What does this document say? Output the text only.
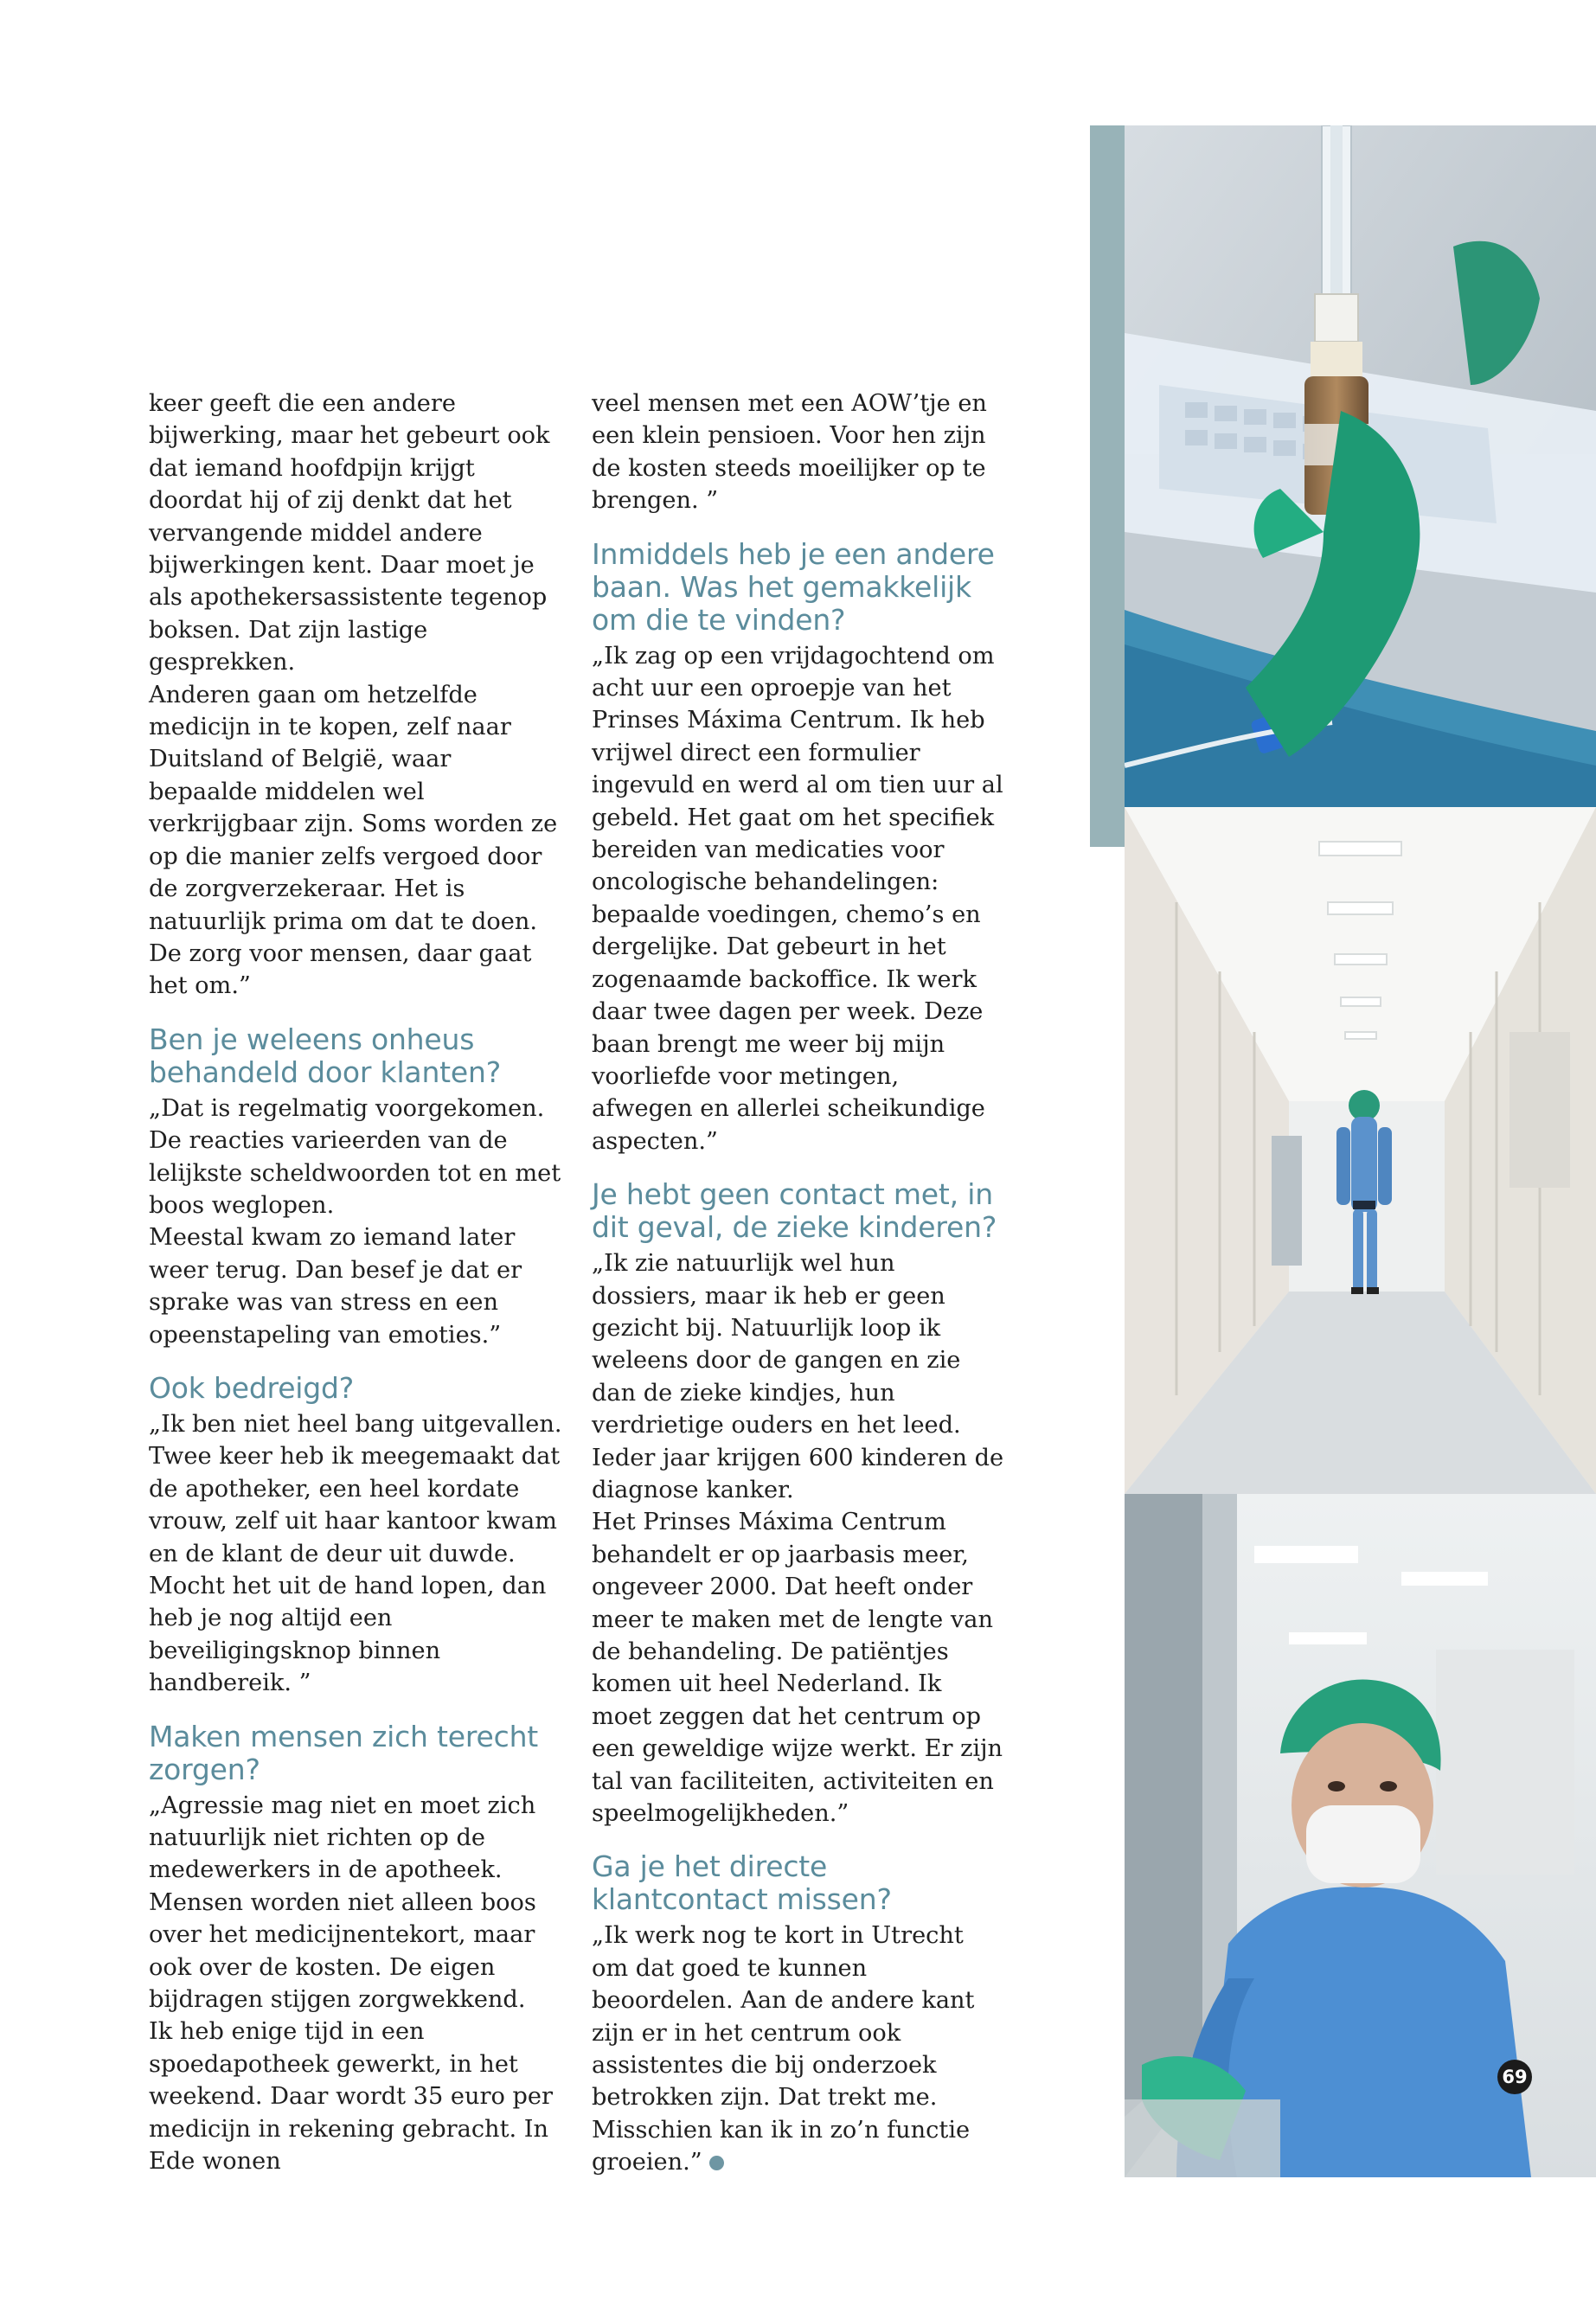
keer geeft die een andere bijwerking, maar het gebeurt ook dat iemand hoofdpijn krijgt doordat hij of zij denkt dat het vervangende middel andere bijwerkingen kent. Daar moet je als apothekersassistente tegenop boksen. Dat zijn lastige gesprekken.

Anderen gaan om hetzelfde medicijn in te kopen, zelf naar Duitsland of België, waar bepaalde middelen wel verkrijgbaar zijn. Soms worden ze op die manier zelfs vergoed door de zorgverzekeraar. Het is natuurlijk prima om dat te doen. De zorg voor mensen, daar gaat het om.”

Ben je weleens onheus behandeld door klanten?

„Dat is regelmatig voorgekomen. De reacties varieerden van de lelijkste scheldwoorden tot en met boos weglopen.

Meestal kwam zo iemand later weer terug. Dan besef je dat er sprake was van stress en een opeenstapeling van emoties.”

Ook bedreigd?

„Ik ben niet heel bang uitgevallen. Twee keer heb ik meegemaakt dat de apotheker, een heel kordate vrouw, zelf uit haar kantoor kwam en de klant de deur uit duwde. Mocht het uit de hand lopen, dan heb je nog altijd een beveiligingsknop binnen handbereik. ”

Maken mensen zich terecht zorgen?

„Agressie mag niet en moet zich natuurlijk niet richten op de medewerkers in de apotheek. Mensen worden niet alleen boos over het medicijnentekort, maar ook over de kosten. De eigen bijdragen stijgen zorgwekkend.

Ik heb enige tijd in een spoedapotheek gewerkt, in het weekend. Daar wordt 35 euro per medicijn in rekening gebracht. In Ede wonen

veel mensen met een AOW’tje en een klein pensioen. Voor hen zijn de kosten steeds moeilijker op te brengen. ”

Inmiddels heb je een andere baan. Was het gemakkelijk om die te vinden?

„Ik zag op een vrijdagochtend om acht uur een oproepje van het Prinses Máxima Centrum. Ik heb vrijwel direct een formulier ingevuld en werd al om tien uur al gebeld. Het gaat om het specifiek bereiden van medicaties voor oncologische behandelingen: bepaalde voedingen, chemo’s en dergelijke. Dat gebeurt in het zogenaamde backoffice. Ik werk daar twee dagen per week. Deze baan brengt me weer bij mijn voorliefde voor metingen, afwegen en allerlei scheikundige aspecten.”

Je hebt geen contact met, in dit geval, de zieke kinderen?

„Ik zie natuurlijk wel hun dossiers, maar ik heb er geen gezicht bij. Natuurlijk loop ik weleens door de gangen en zie dan de zieke kindjes, hun verdrietige ouders en het leed. Ieder jaar krijgen 600 kinderen de diagnose kanker.

Het Prinses Máxima Centrum behandelt er op jaarbasis meer, ongeveer 2000. Dat heeft onder meer te maken met de lengte van de behandeling. De patiëntjes komen uit heel Nederland. Ik moet zeggen dat het centrum op een geweldige wijze werkt. Er zijn tal van faciliteiten, activiteiten en speelmogelijkheden.”

Ga je het directe klantcontact missen?

„Ik werk nog te kort in Utrecht om dat goed te kunnen beoordelen. Aan de andere kant zijn er in het centrum ook assistentes die bij onderzoek betrokken zijn. Dat trekt me. Misschien kan ik in zo’n functie groeien.”

69
